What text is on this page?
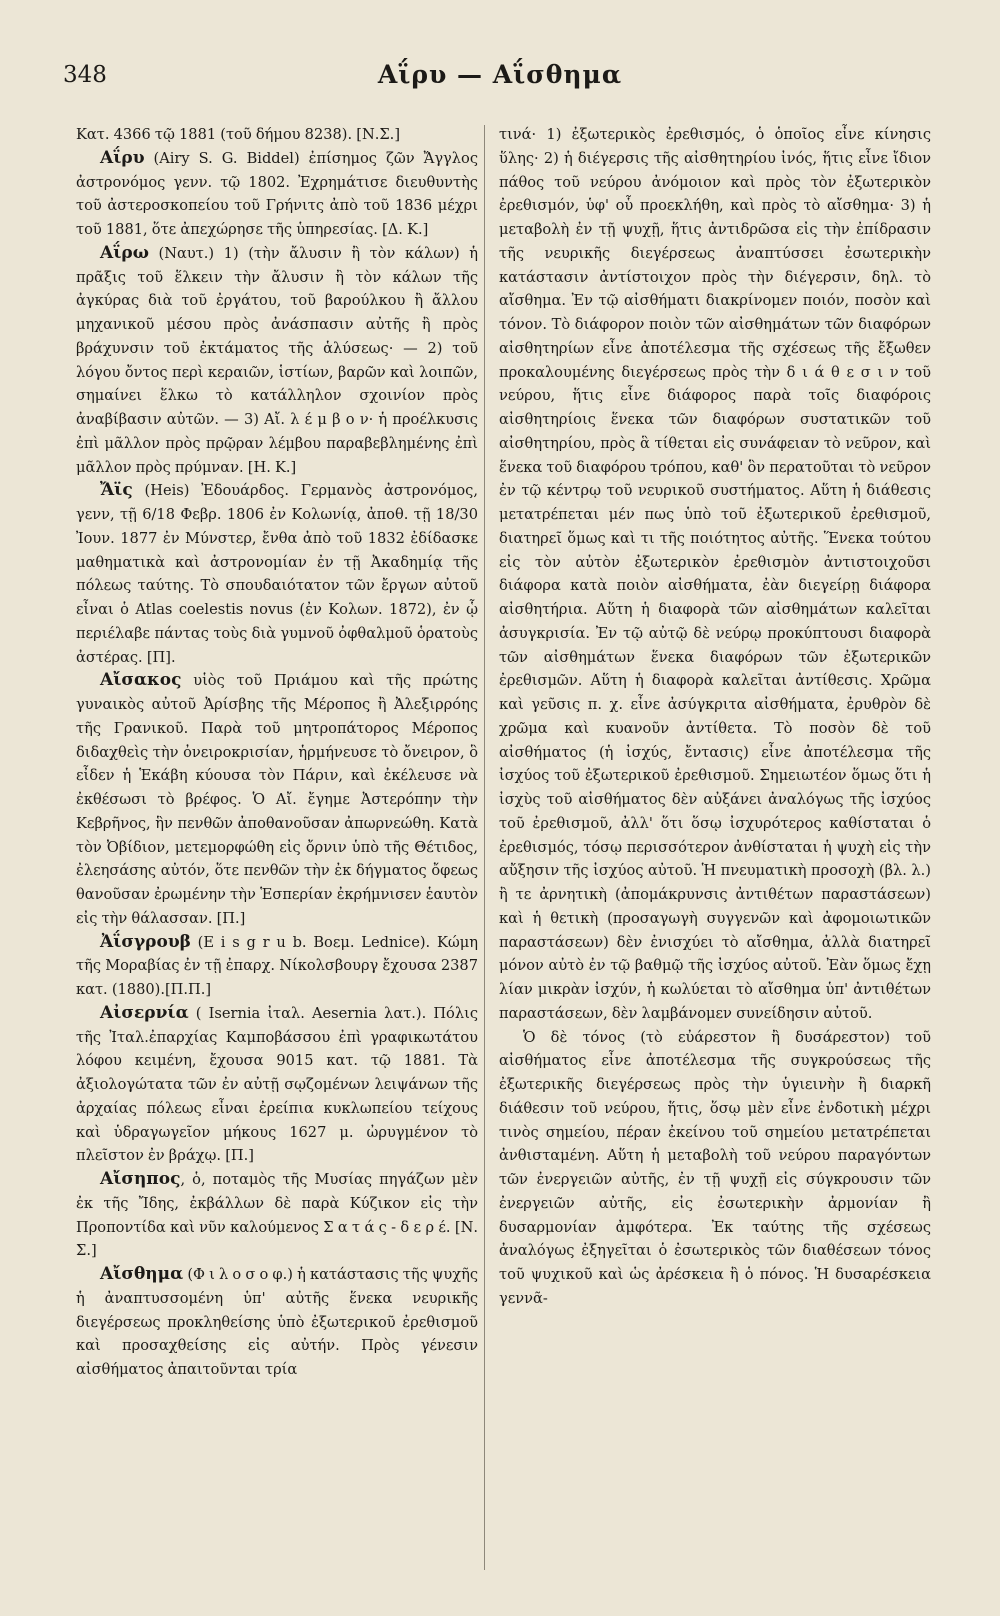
348	Αΐρυ — Αΐσθημα

Κατ. 4366 τῷ 1881 (τοῦ δήμου 8238). [Ν.Σ.]

Αΐρυ (Airy S. G. Biddel) ἐπίσημος ζῶν Ἄγγλος ἀστρονόμος γενν. τῷ 1802. Ἐχρημάτισε διευθυντὴς τοῦ ἀστεροσκοπείου τοῦ Γρήνιτς ἀπὸ τοῦ 1836 μέχρι τοῦ 1881, ὅτε ἀπεχώρησε τῆς ὑπηρεσίας. [Δ. Κ.]

Αΐρω (Ναυτ.) 1) (τὴν ἄλυσιν ἢ τὸν κάλων) ἡ πρᾶξις τοῦ ἕλκειν τὴν ἄλυσιν ἢ τὸν κάλων τῆς ἀγκύρας διὰ τοῦ ἐργάτου, τοῦ βαρούλκου ἢ ἄλλου μηχανικοῦ μέσου πρὸς ἀνάσπασιν αὐτῆς ἢ πρὸς βράχυνσιν τοῦ ἐκτάματος τῆς ἁλύσεως· — 2) τοῦ λόγου ὄντος περὶ κεραιῶν, ἱστίων, βαρῶν καὶ λοιπῶν, σημαίνει ἕλκω τὸ κατάλληλον σχοινίον πρὸς ἀναβίβασιν αὐτῶν. — 3) Αἴ. λ έ μ β ο ν· ἡ προέλκυσις ἐπὶ μᾶλλον πρὸς πρῷραν λέμβου παραβεβλημένης ἐπὶ μᾶλλον πρὸς πρύμναν. [Η. Κ.]

Ἄϊς (Heis) Ἐδουάρδος. Γερμανὸς ἀστρονόμος, γενν, τῇ 6/18 Φεβρ. 1806 ἐν Κολωνίᾳ, ἀποθ. τῇ 18/30 Ἰουν. 1877 ἐν Μύνστερ, ἔνθα ἀπὸ τοῦ 1832 ἐδίδασκε μαθηματικὰ καὶ ἀστρονομίαν ἐν τῇ Ἀκαδημίᾳ τῆς πόλεως ταύτης. Τὸ σπουδαιότατον τῶν ἔργων αὐτοῦ εἶναι ὁ Atlas coelestis novus (ἐν Κολων. 1872), ἐν ᾧ περιέλαβε πάντας τοὺς διὰ γυμνοῦ ὀφθαλμοῦ ὁρατοὺς ἀστέρας. [Π].

Αἴσακος υἱὸς τοῦ Πριάμου καὶ τῆς πρώτης γυναικὸς αὐτοῦ Ἀρίσβης τῆς Μέροπος ἢ Ἀλεξιρρόης τῆς Γρανικοῦ. Παρὰ τοῦ μητροπάτορος Μέροπος διδαχθεὶς τὴν ὀνειροκρισίαν, ἡρμήνευσε τὸ ὄνειρον, ὃ εἶδεν ἡ Ἑκάβη κύουσα τὸν Πάριν, καὶ ἐκέλευσε νὰ ἐκθέσωσι τὸ βρέφος. Ὁ Αἴ. ἔγημε Ἀστερόπην τὴν Κεβρῆνος, ἣν πενθῶν ἀποθανοῦσαν ἀπωρνεώθη. Κατὰ τὸν Ὀβίδιον, μετεμορφώθη εἰς ὄρνιν ὑπὸ τῆς Θέτιδος, ἐλεησάσης αὐτόν, ὅτε πενθῶν τὴν ἐκ δήγματος ὄφεως θανοῦσαν ἐρωμένην τὴν Ἑσπερίαν ἐκρήμνισεν ἑαυτὸν εἰς τὴν θάλασσαν. [Π.]

Ἀΐσγρουβ (E i s g r u b. Βοεμ. Lednice). Κώμη τῆς Μοραβίας ἐν τῇ ἐπαρχ. Νίκολσβουργ ἔχουσα 2387 κατ. (1880).[Π.Π.]

Αἰσερνία ( Isernia ἰταλ. Aesernia λατ.). Πόλις τῆς Ἰταλ.ἐπαρχίας Καμποβάσσου ἐπὶ γραφικωτάτου λόφου κειμένη, ἔχουσα 9015 κατ. τῷ 1881. Τὰ ἀξιολογώτατα τῶν ἐν αὐτῇ σῳζομένων λειψάνων τῆς ἀρχαίας πόλεως εἶναι ἐρείπια κυκλωπείου τείχους καὶ ὑδραγωγεῖον μήκους 1627 μ. ὠρυγμένον τὸ πλεῖστον ἐν βράχῳ. [Π.]

Αἴσηπος, ὁ, ποταμὸς τῆς Μυσίας πηγάζων μὲν ἐκ τῆς Ἴδης, ἐκβάλλων δὲ παρὰ Κύζικον εἰς τὴν Προποντίδα καὶ νῦν καλούμενος Σ α τ ά ς - δ ε ρ έ. [Ν. Σ.]

Αἴσθημα (Φ ι λ ο σ ο φ.) ἡ κατάστασις τῆς ψυχῆς ἡ ἀναπτυσσομένη ὑπ' αὐτῆς ἕνεκα νευρικῆς διεγέρσεως προκληθείσης ὑπὸ ἐξωτερικοῦ ἐρεθισμοῦ καὶ προσαχθείσης εἰς αὐτήν. Πρὸς γένεσιν αἰσθήματος ἀπαιτοῦνται τρία

τινά· 1) ἐξωτερικὸς ἐρεθισμός, ὁ ὁποῖος εἶνε κίνησις ὕλης· 2) ἡ διέγερσις τῆς αἰσθητηρίου ἰνός, ἥτις εἶνε ἴδιον πάθος τοῦ νεύρου ἀνόμοιον καὶ πρὸς τὸν ἐξωτερικὸν ἐρεθισμόν, ὑφ' οὗ προεκλήθη, καὶ πρὸς τὸ αἴσθημα· 3) ἡ μεταβολὴ ἐν τῇ ψυχῇ, ἥτις ἀντιδρῶσα εἰς τὴν ἐπίδρασιν τῆς νευρικῆς διεγέρσεως ἀναπτύσσει ἐσωτερικὴν κατάστασιν ἀντίστοιχον πρὸς τὴν διέγερσιν, δηλ. τὸ αἴσθημα. Ἐν τῷ αἰσθήματι διακρίνομεν ποιόν, ποσὸν καὶ τόνον. Τὸ διάφορον ποιὸν τῶν αἰσθημάτων τῶν διαφόρων αἰσθητηρίων εἶνε ἀποτέλεσμα τῆς σχέσεως τῆς ἔξωθεν προκαλουμένης διεγέρσεως πρὸς τὴν δ ι ά θ ε σ ι ν τοῦ νεύρου, ἥτις εἶνε διάφορος παρὰ τοῖς διαφόροις αἰσθητηρίοις ἕνεκα τῶν διαφόρων συστατικῶν τοῦ αἰσθητηρίου, πρὸς ἃ τίθεται εἰς συνάφειαν τὸ νεῦρον, καὶ ἕνεκα τοῦ διαφόρου τρόπου, καθ' ὃν περατοῦται τὸ νεῦρον ἐν τῷ κέντρῳ τοῦ νευρικοῦ συστήματος. Αὕτη ἡ διάθεσις μετατρέπεται μέν πως ὑπὸ τοῦ ἐξωτερικοῦ ἐρεθισμοῦ, διατηρεῖ ὅμως καὶ τι τῆς ποιότητος αὐτῆς. Ἕνεκα τούτου εἰς τὸν αὐτὸν ἐξωτερικὸν ἐρεθισμὸν ἀντιστοιχοῦσι διάφορα κατὰ ποιὸν αἰσθήματα, ἐὰν διεγείρῃ διάφορα αἰσθητήρια. Αὕτη ἡ διαφορὰ τῶν αἰσθημάτων καλεῖται ἀσυγκρισία. Ἐν τῷ αὐτῷ δὲ νεύρῳ προκύπτουσι διαφορὰ τῶν αἰσθημάτων ἕνεκα διαφόρων τῶν ἐξωτερικῶν ἐρεθισμῶν. Αὕτη ἡ διαφορὰ καλεῖται ἀντίθεσις. Χρῶμα καὶ γεῦσις π. χ. εἶνε ἀσύγκριτα αἰσθήματα, ἐρυθρὸν δὲ χρῶμα καὶ κυανοῦν ἀντίθετα. Τὸ ποσὸν δὲ τοῦ αἰσθήματος (ἡ ἰσχύς, ἔντασις) εἶνε ἀποτέλεσμα τῆς ἰσχύος τοῦ ἐξωτερικοῦ ἐρεθισμοῦ. Σημειωτέον ὅμως ὅτι ἡ ἰσχὺς τοῦ αἰσθήματος δὲν αὐξάνει ἀναλόγως τῆς ἰσχύος τοῦ ἐρεθισμοῦ, ἀλλ' ὅτι ὅσῳ ἰσχυρότερος καθίσταται ὁ ἐρεθισμός, τόσῳ περισσότερον ἀνθίσταται ἡ ψυχὴ εἰς τὴν αὔξησιν τῆς ἰσχύος αὐτοῦ. Ἡ πνευματικὴ προσοχὴ (βλ. λ.) ἢ τε ἀρνητικὴ (ἀπομάκρυνσις ἀντιθέτων παραστάσεων) καὶ ἡ θετικὴ (προσαγωγὴ συγγενῶν καὶ ἀφομοιωτικῶν παραστάσεων) δὲν ἐνισχύει τὸ αἴσθημα, ἀλλὰ διατηρεῖ μόνον αὐτὸ ἐν τῷ βαθμῷ τῆς ἰσχύος αὐτοῦ. Ἐὰν ὅμως ἔχῃ λίαν μικρὰν ἰσχύν, ἡ κωλύεται τὸ αἴσθημα ὑπ' ἀντιθέτων παραστάσεων, δὲν λαμβάνομεν συνείδησιν αὐτοῦ.

Ὁ δὲ τόνος (τὸ εὐάρεστον ἢ δυσάρεστον) τοῦ αἰσθήματος εἶνε ἀποτέλεσμα τῆς συγκρούσεως τῆς ἐξωτερικῆς διεγέρσεως πρὸς τὴν ὑγιεινὴν ἢ διαρκῆ διάθεσιν τοῦ νεύρου, ἥτις, ὅσῳ μὲν εἶνε ἐνδοτικὴ μέχρι τινὸς σημείου, πέραν ἐκείνου τοῦ σημείου μετατρέπεται ἀνθισταμένη. Αὕτη ἡ μεταβολὴ τοῦ νεύρου παραγόντων τῶν ἐνεργειῶν αὐτῆς, ἐν τῇ ψυχῇ εἰς σύγκρουσιν τῶν ἐνεργειῶν αὐτῆς, εἰς ἐσωτερικὴν ἀρμονίαν ἢ δυσαρμονίαν ἀμφότερα. Ἐκ ταύτης τῆς σχέσεως ἀναλόγως ἐξηγεῖται ὁ ἐσωτερικὸς τῶν διαθέσεων τόνος τοῦ ψυχικοῦ καὶ ὡς ἀρέσκεια ἢ ὁ πόνος. Ἡ δυσαρέσκεια γεννᾶ-
